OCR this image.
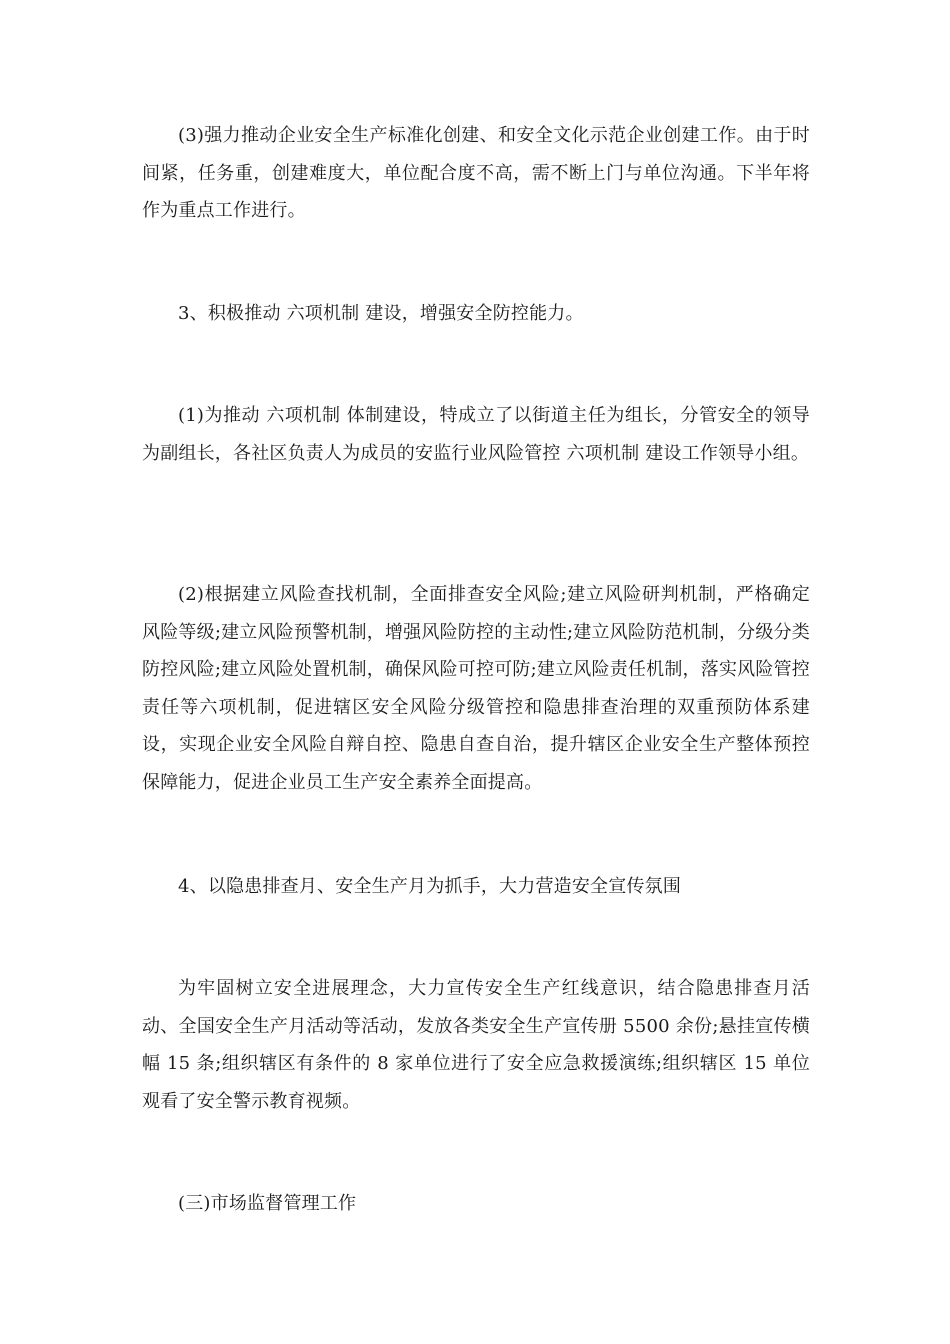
(3)强力推动企业安全生产标准化创建、和安全文化示范企业创建工作。由于时间紧，任务重，创建难度大，单位配合度不高，需不断上门与单位沟通。下半年将作为重点工作进行。

3、积极推动 六项机制 建设，增强安全防控能力。

(1)为推动 六项机制 体制建设，特成立了以街道主任为组长，分管安全的领导为副组长，各社区负责人为成员的安监行业风险管控 六项机制 建设工作领导小组。

(2)根据建立风险查找机制，全面排查安全风险;建立风险研判机制，严格确定风险等级;建立风险预警机制，增强风险防控的主动性;建立风险防范机制，分级分类防控风险;建立风险处置机制，确保风险可控可防;建立风险责任机制，落实风险管控责任等六项机制，促进辖区安全风险分级管控和隐患排查治理的双重预防体系建设，实现企业安全风险自辩自控、隐患自查自治，提升辖区企业安全生产整体预控保障能力，促进企业员工生产安全素养全面提高。

4、以隐患排查月、安全生产月为抓手，大力营造安全宣传氛围

为牢固树立安全进展理念，大力宣传安全生产红线意识，结合隐患排查月活动、全国安全生产月活动等活动，发放各类安全生产宣传册 5500 余份;悬挂宣传横幅 15 条;组织辖区有条件的 8 家单位进行了安全应急救援演练;组织辖区 15 单位观看了安全警示教育视频。

(三)市场监督管理工作
